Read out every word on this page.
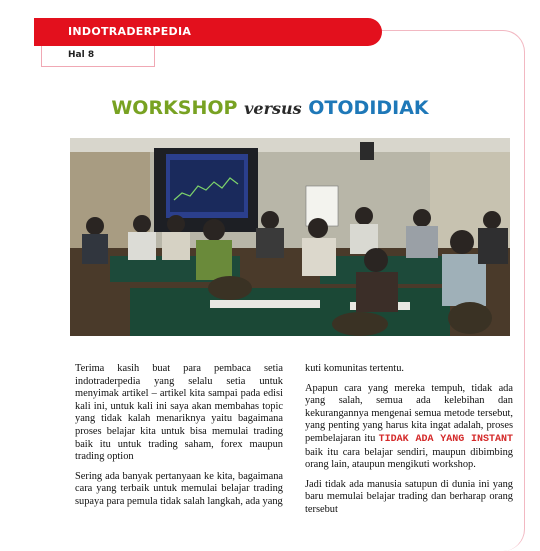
INDOTRADERPEDIA
Hal 8
WORKSHOP versus OTODIDIAK

Terima kasih buat para pembaca setia indotraderpedia yang selalu setia untuk menyimak artikel – artikel kita sampai pada edisi kali ini, untuk kali ini saya akan membahas topic yang tidak kalah menariknya yaitu bagaimana proses belajar kita untuk bisa memulai trading baik itu untuk trading saham, forex maupun trading option

Sering ada banyak pertanyaan ke kita, bagaimana cara yang terbaik untuk memulai belajar trading supaya para pemula tidak salah langkah, ada yang

kuti komunitas tertentu.

Apapun cara yang mereka tempuh, tidak ada yang salah, semua ada kelebihan dan kekurangannya mengenai semua metode tersebut, yang penting yang harus kita ingat adalah, proses pembelajaran itu TIDAK ADA YANG INSTANT baik itu cara belajar sendiri, maupun dibimbing orang lain, ataupun mengikuti workshop.

Jadi tidak ada manusia satupun di dunia ini yang baru memulai belajar trading dan berharap orang tersebut
